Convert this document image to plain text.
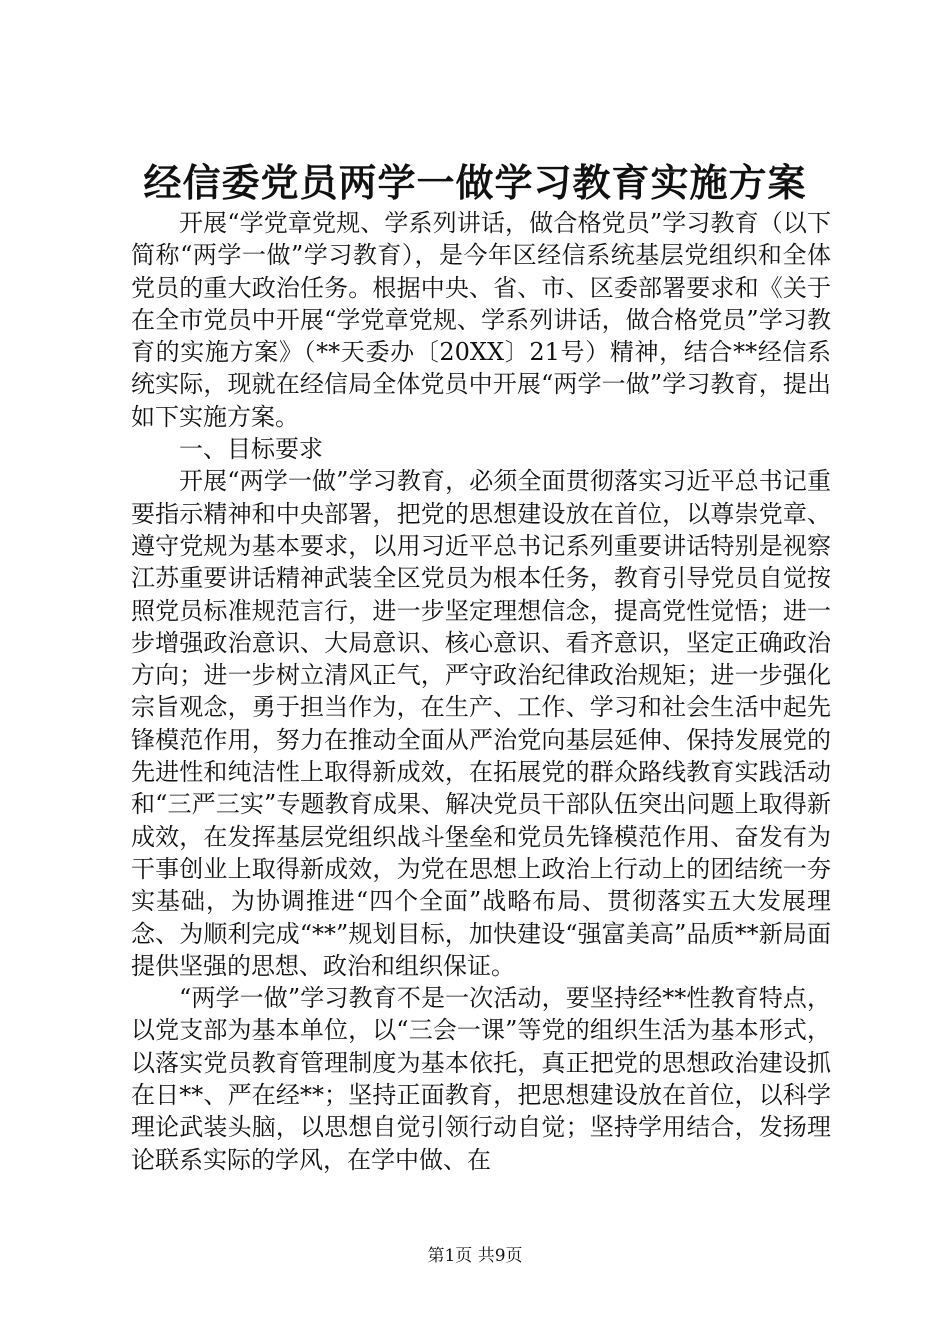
经信委党员两学一做学习教育实施方案

开展“学党章党规、学系列讲话，做合格党员”学习教育（以下简称“两学一做”学习教育），是今年区经信系统基层党组织和全体党员的重大政治任务。根据中央、省、市、区委部署要求和《关于在全市党员中开展“学党章党规、学系列讲话，做合格党员”学习教育的实施方案》（**天委办〔20XX〕21号）精神，结合**经信系统实际，现就在经信局全体党员中开展“两学一做”学习教育，提出如下实施方案。

一、目标要求

开展“两学一做”学习教育，必须全面贯彻落实习近平总书记重要指示精神和中央部署，把党的思想建设放在首位，以尊崇党章、遵守党规为基本要求，以用习近平总书记系列重要讲话特别是视察江苏重要讲话精神武装全区党员为根本任务，教育引导党员自觉按照党员标准规范言行，进一步坚定理想信念，提高党性觉悟；进一步增强政治意识、大局意识、核心意识、看齐意识，坚定正确政治方向；进一步树立清风正气，严守政治纪律政治规矩；进一步强化宗旨观念，勇于担当作为，在生产、工作、学习和社会生活中起先锋模范作用，努力在推动全面从严治党向基层延伸、保持发展党的先进性和纯洁性上取得新成效，在拓展党的群众路线教育实践活动和“三严三实”专题教育成果、解决党员干部队伍突出问题上取得新成效，在发挥基层党组织战斗堡垒和党员先锋模范作用、奋发有为干事创业上取得新成效，为党在思想上政治上行动上的团结统一夯实基础，为协调推进“四个全面”战略布局、贯彻落实五大发展理念、为顺利完成“**”规划目标，加快建设“强富美高”品质**新局面提供坚强的思想、政治和组织保证。

“两学一做”学习教育不是一次活动，要坚持经**性教育特点，以党支部为基本单位，以“三会一课”等党的组织生活为基本形式，以落实党员教育管理制度为基本依托，真正把党的思想政治建设抓在日**、严在经**；坚持正面教育，把思想建设放在首位，以科学理论武装头脑，以思想自觉引领行动自觉；坚持学用结合，发扬理论联系实际的学风，在学中做、在

第1页 共9页
